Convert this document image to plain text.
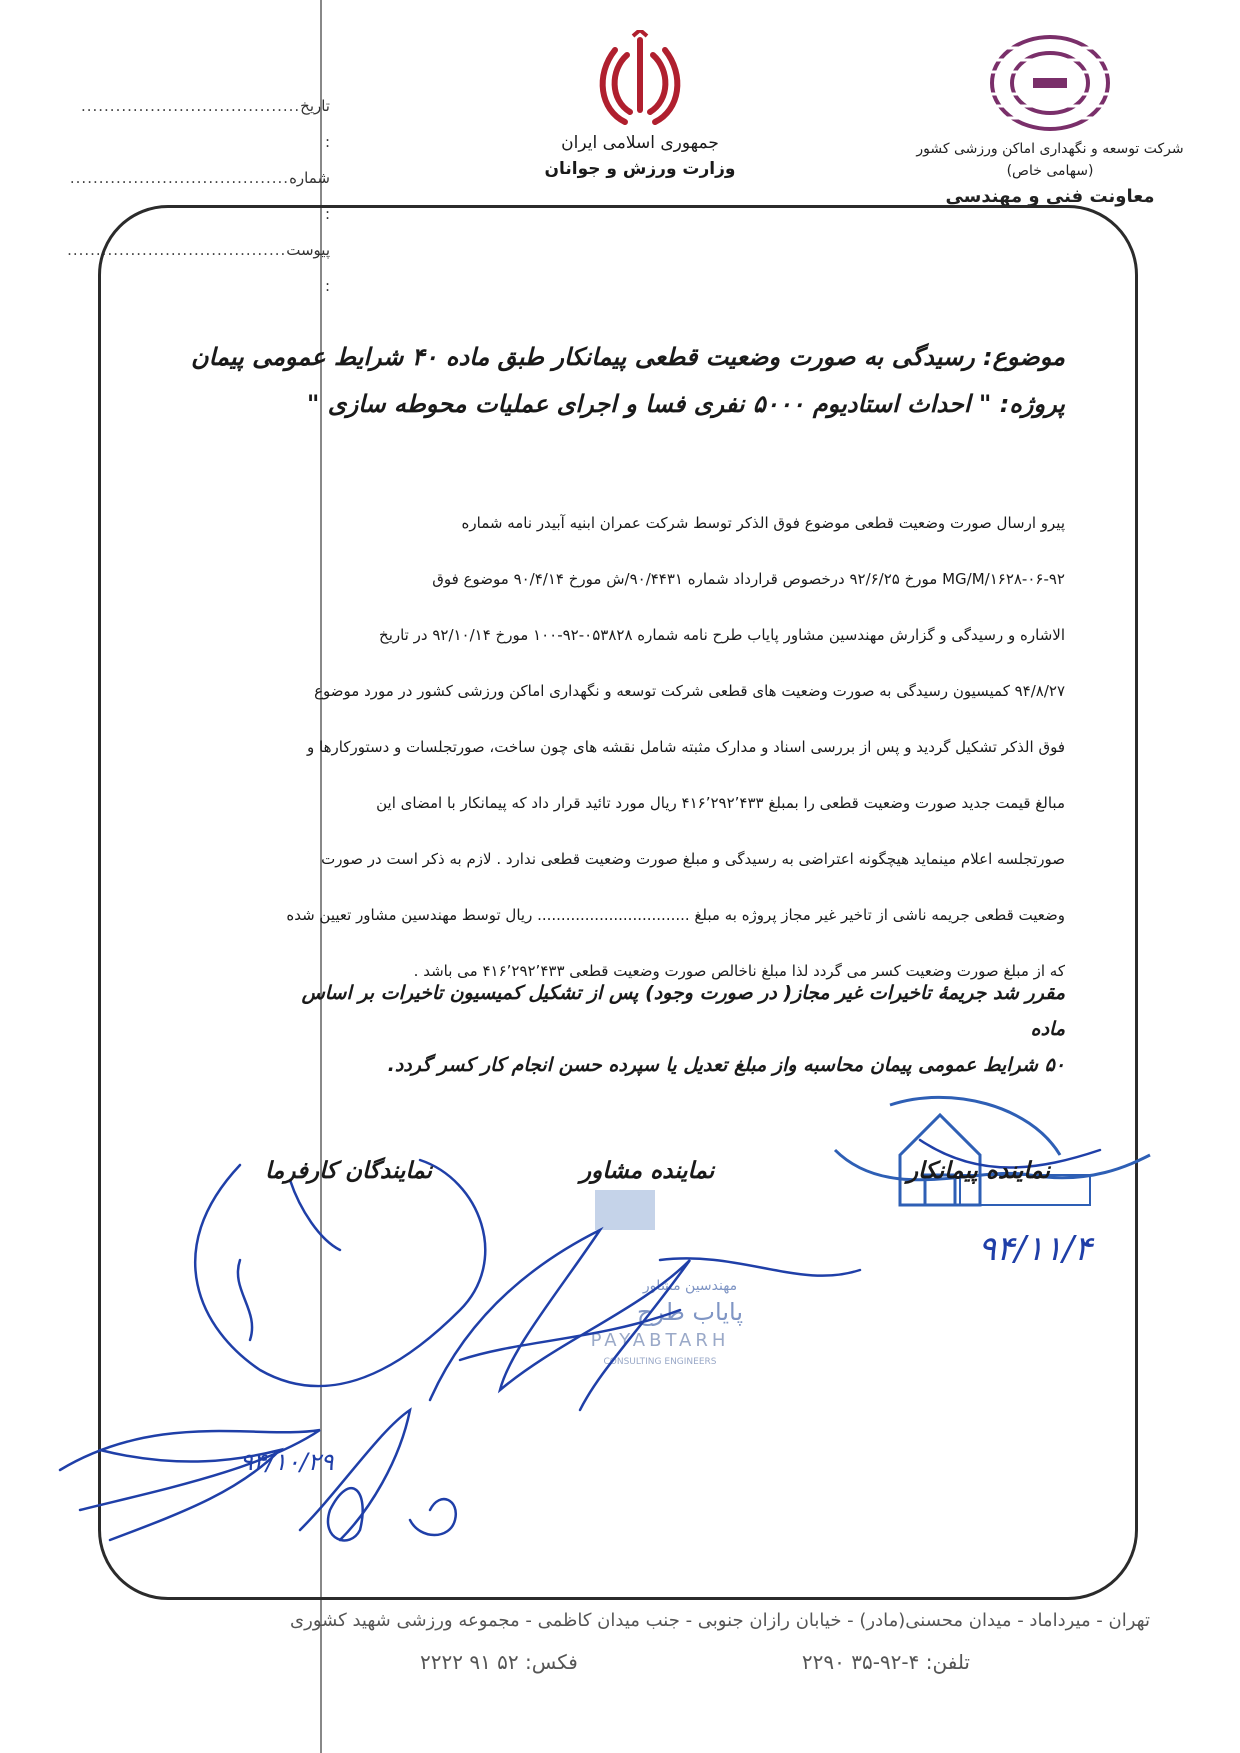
شرکت توسعه و نگهداری اماکن ورزشی کشور
(سهامی خاص)
معاونت فنی و مهندسی
جمهوری اسلامی ایران
وزارت ورزش و جوانان
تاریخ :
......................................
شماره :
......................................
پیوست :
......................................
موضوع: رسیدگی به صورت وضعیت قطعی پیمانکار طبق ماده ۴۰ شرایط عمومی پیمان
پروژه: " احداث استادیوم ۵۰۰۰ نفری فسا و اجرای عملیات محوطه سازی "
پیرو ارسال صورت وضعیت قطعی موضوع فوق الذکر توسط شرکت عمران ابنیه آبیدر نامه شماره
MG/M/۱۶۲۸-۰۶-۹۲ مورخ ۹۲/۶/۲۵ درخصوص قرارداد شماره ۹۰/۴۴۳۱/ش مورخ ۹۰/۴/۱۴ موضوع فوق
الاشاره و رسیدگی و گزارش مهندسین مشاور پایاب طرح نامه شماره ۰۵۳۸۲۸-۹۲-۱۰۰ مورخ ۹۲/۱۰/۱۴ در تاریخ
۹۴/۸/۲۷ کمیسیون رسیدگی به صورت وضعیت های قطعی شرکت توسعه و نگهداری اماکن ورزشی کشور در مورد موضوع
فوق الذکر تشکیل گردید و پس از بررسی اسناد و مدارک مثبته شامل نقشه های چون ساخت، صورتجلسات و دستورکارها و
مبالغ قیمت جدید صورت وضعیت قطعی را بمبلغ ۴۱۶٬۲۹۲٬۴۳۳ ریال مورد تائید قرار داد که پیمانکار با امضای این
صورتجلسه اعلام مینماید هیچگونه اعتراضی به رسیدگی و مبلغ صورت وضعیت قطعی ندارد . لازم به ذکر است در صورت
وضعیت قطعی جریمه ناشی از تاخیر غیر مجاز پروژه به مبلغ ................................ ریال توسط مهندسین مشاور تعیین شده
که از مبلغ صورت وضعیت کسر می گردد لذا مبلغ ناخالص صورت وضعیت قطعی ۴۱۶٬۲۹۲٬۴۳۳ می باشد .
مقرر شد جریمهٔ تاخیرات غیر مجاز( در صورت وجود) پس از تشکیل کمیسیون تاخیرات بر اساس ماده
۵۰ شرایط عمومی پیمان محاسبه واز مبلغ تعدیل یا سپرده حسن انجام کار کسر گردد.
۹۴/۱۱/۴
مهندسین مشاور
پایاب طرح
PAYABTARH
CONSULTING ENGINEERS
۹۴/۱۰/۲۹
نماینده پیمانکار
نماینده مشاور
نمایندگان کارفرما
تهران - میرداماد - میدان محسنی(مادر) - خیابان رازان جنوبی - جنب میدان کاظمی - مجموعه ورزشی شهید کشوری
تلفن: ۴-۹۲-۳۵ ۲۲۹۰
فکس: ۵۲ ۹۱ ۲۲۲۲
